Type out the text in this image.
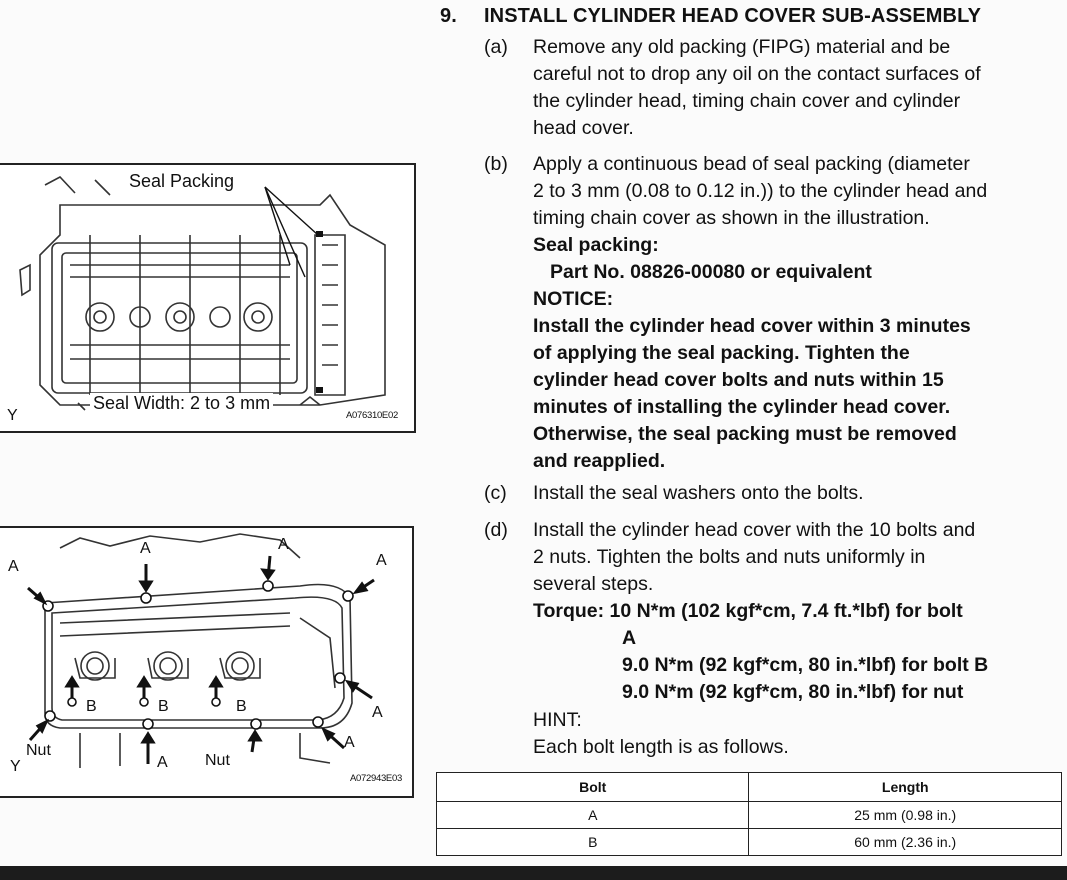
9. INSTALL CYLINDER HEAD COVER SUB-ASSEMBLY
(a) Remove any old packing (FIPG) material and be
careful not to drop any oil on the contact surfaces of
the cylinder head, timing chain cover and cylinder
head cover.
(b) Apply a continuous bead of seal packing (diameter
2 to 3 mm (0.08 to 0.12 in.)) to the cylinder head and
timing chain cover as shown in the illustration.
Seal packing:
Part No. 08826-00080 or equivalent
NOTICE:
Install the cylinder head cover within 3 minutes
of applying the seal packing. Tighten the
cylinder head cover bolts and nuts within 15
minutes of installing the cylinder head cover.
Otherwise, the seal packing must be removed
and reapplied.
(c) Install the seal washers onto the bolts.
(d) Install the cylinder head cover with the 10 bolts and
2 nuts. Tighten the bolts and nuts uniformly in
several steps.
Torque: 10 N*m (102 kgf*cm, 7.4 ft.*lbf) for bolt
A
9.0 N*m (92 kgf*cm, 80 in.*lbf) for bolt B
9.0 N*m (92 kgf*cm, 80 in.*lbf) for nut
HINT:
Each bolt length is as follows.
Seal Packing
Seal Width: 2 to 3 mm
A076310E02
Y
A
A	A
A
A
A
A
B	B	B
Nut
Nut
Y
A072943E03
Bolt	Length
A	25 mm (0.98 in.)
B	60 mm (2.36 in.)
